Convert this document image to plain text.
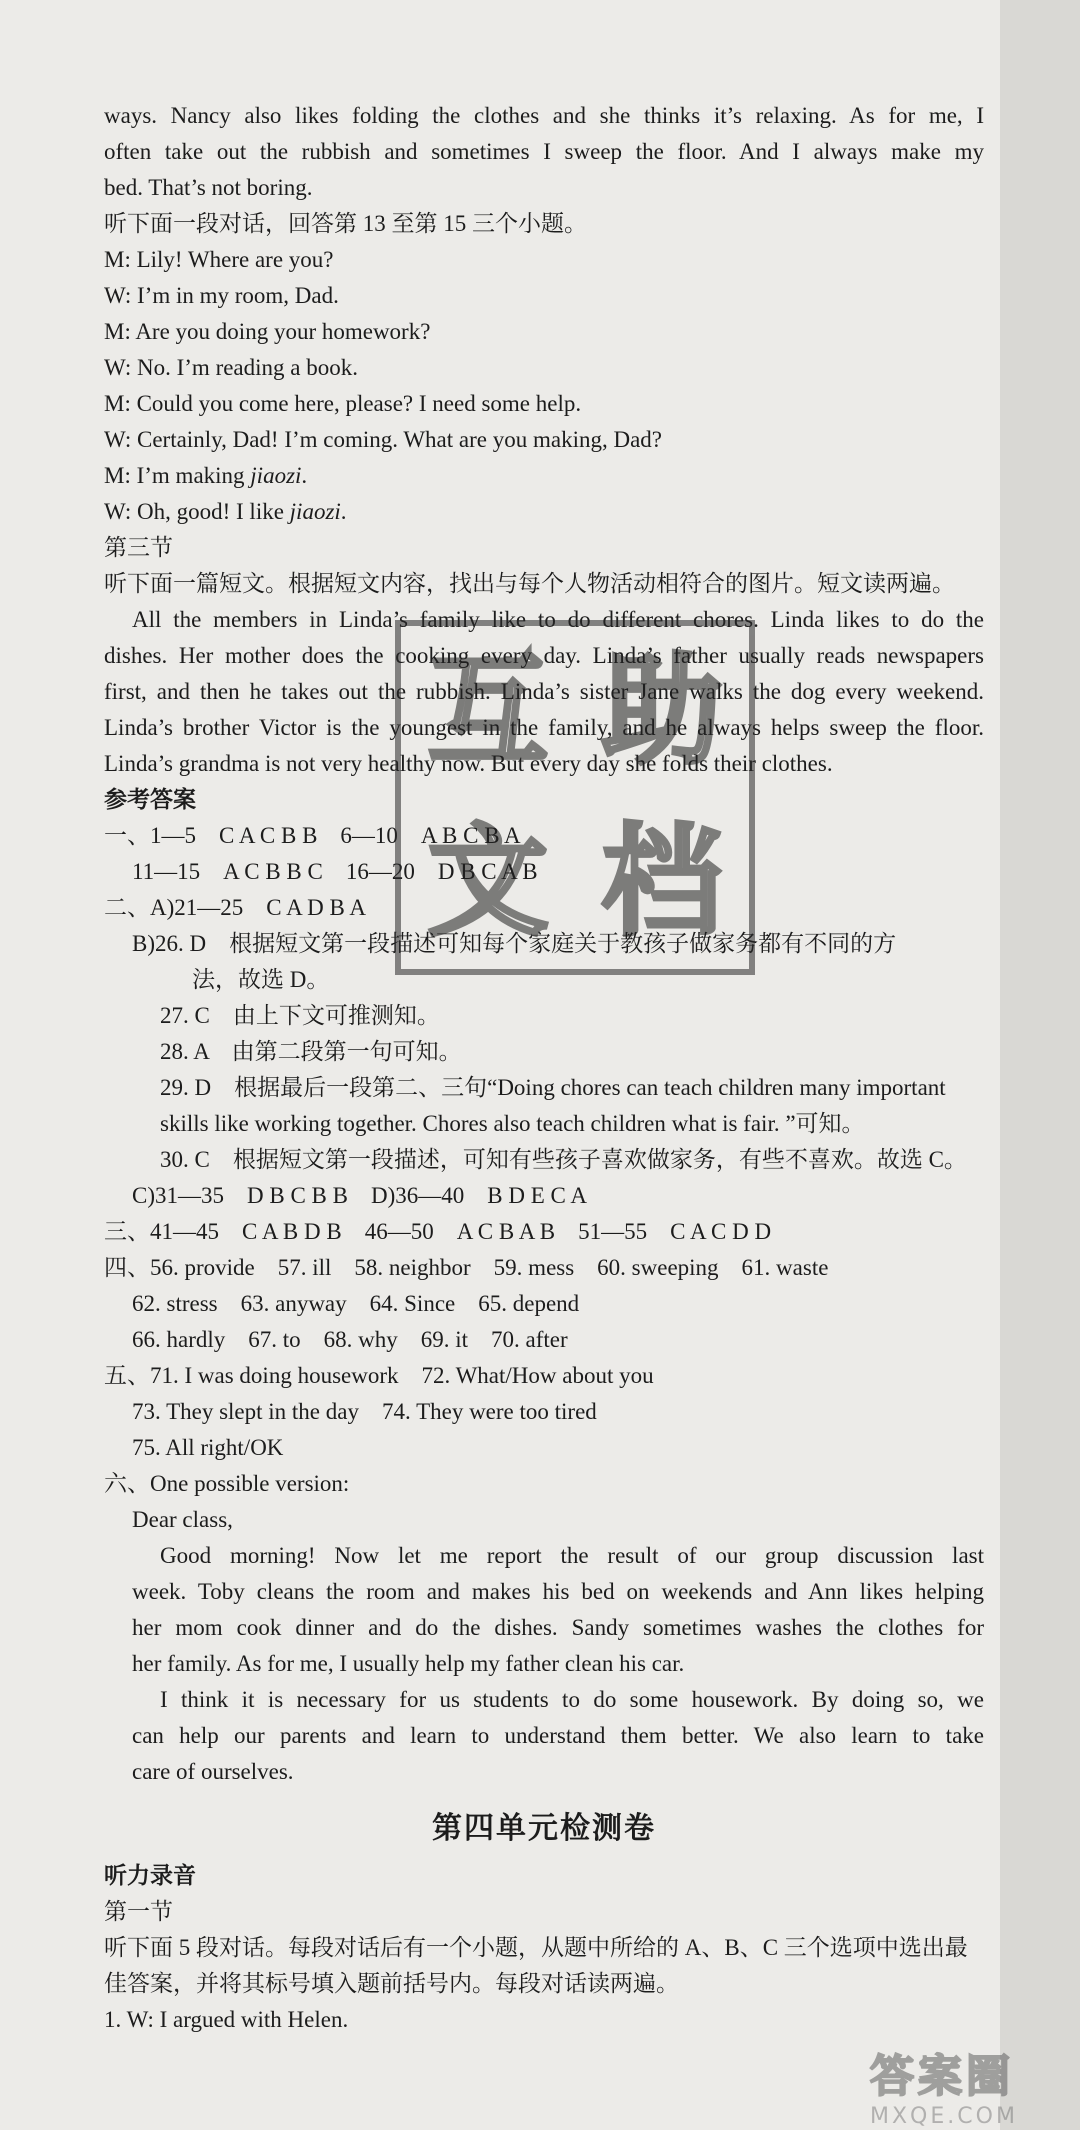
ways. Nancy also likes folding the clothes and she thinks it’s relaxing. As for me, I
often take out the rubbish and sometimes I sweep the floor. And I always make my
bed. That’s not boring.
听下面一段对话，回答第 13 至第 15 三个小题。
M: Lily! Where are you?
W: I’m in my room, Dad.
M: Are you doing your homework?
W: No. I’m reading a book.
M: Could you come here, please? I need some help.
W: Certainly, Dad! I’m coming. What are you making, Dad?
M: I’m making jiaozi.
W: Oh, good! I like jiaozi.
第三节
听下面一篇短文。根据短文内容，找出与每个人物活动相符合的图片。短文读两遍。
All the members in Linda’s family like to do different chores. Linda likes to do the
dishes. Her mother does the cooking every day. Linda’s father usually reads newspapers
first, and then he takes out the rubbish. Linda’s sister Jane walks the dog every weekend.
Linda’s brother Victor is the youngest in the family, and he always helps sweep the floor.
Linda’s grandma is not very healthy now. But every day she folds their clothes.
参考答案
一、1—5　C A C B B　6—10　A B C B A
11—15　A C B B C　16—20　D B C A B
二、A)21—25　C A D B A
B)26. D　根据短文第一段描述可知每个家庭关于教孩子做家务都有不同的方
法，故选 D。
27. C　由上下文可推测知。
28. A　由第二段第一句可知。
29. D　根据最后一段第二、三句“Doing chores can teach children many important
skills like working together. Chores also teach children what is fair. ”可知。
30. C　根据短文第一段描述，可知有些孩子喜欢做家务，有些不喜欢。故选 C。
C)31—35　D B C B B　D)36—40　B D E C A
三、41—45　C A B D B　46—50　A C B A B　51—55　C A C D D
四、56. provide　57. ill　58. neighbor　59. mess　60. sweeping　61. waste
62. stress　63. anyway　64. Since　65. depend
66. hardly　67. to　68. why　69. it　70. after
五、71. I was doing housework　72. What/How about you
73. They slept in the day　74. They were too tired
75. All right/OK
六、One possible version:
Dear class,
Good morning! Now let me report the result of our group discussion last
week. Toby cleans the room and makes his bed on weekends and Ann likes helping
her mom cook dinner and do the dishes. Sandy sometimes washes the clothes for
her family. As for me, I usually help my father clean his car.
I think it is necessary for us students to do some housework. By doing so, we
can help our parents and learn to understand them better. We also learn to take
care of ourselves.
第四单元检测卷
听力录音
第一节
听下面 5 段对话。每段对话后有一个小题，从题中所给的 A、B、C 三个选项中选出最
佳答案，并将其标号填入题前括号内。每段对话读两遍。
1. W: I argued with Helen.
互 助
文 档
答案圈
MXQE.COM
